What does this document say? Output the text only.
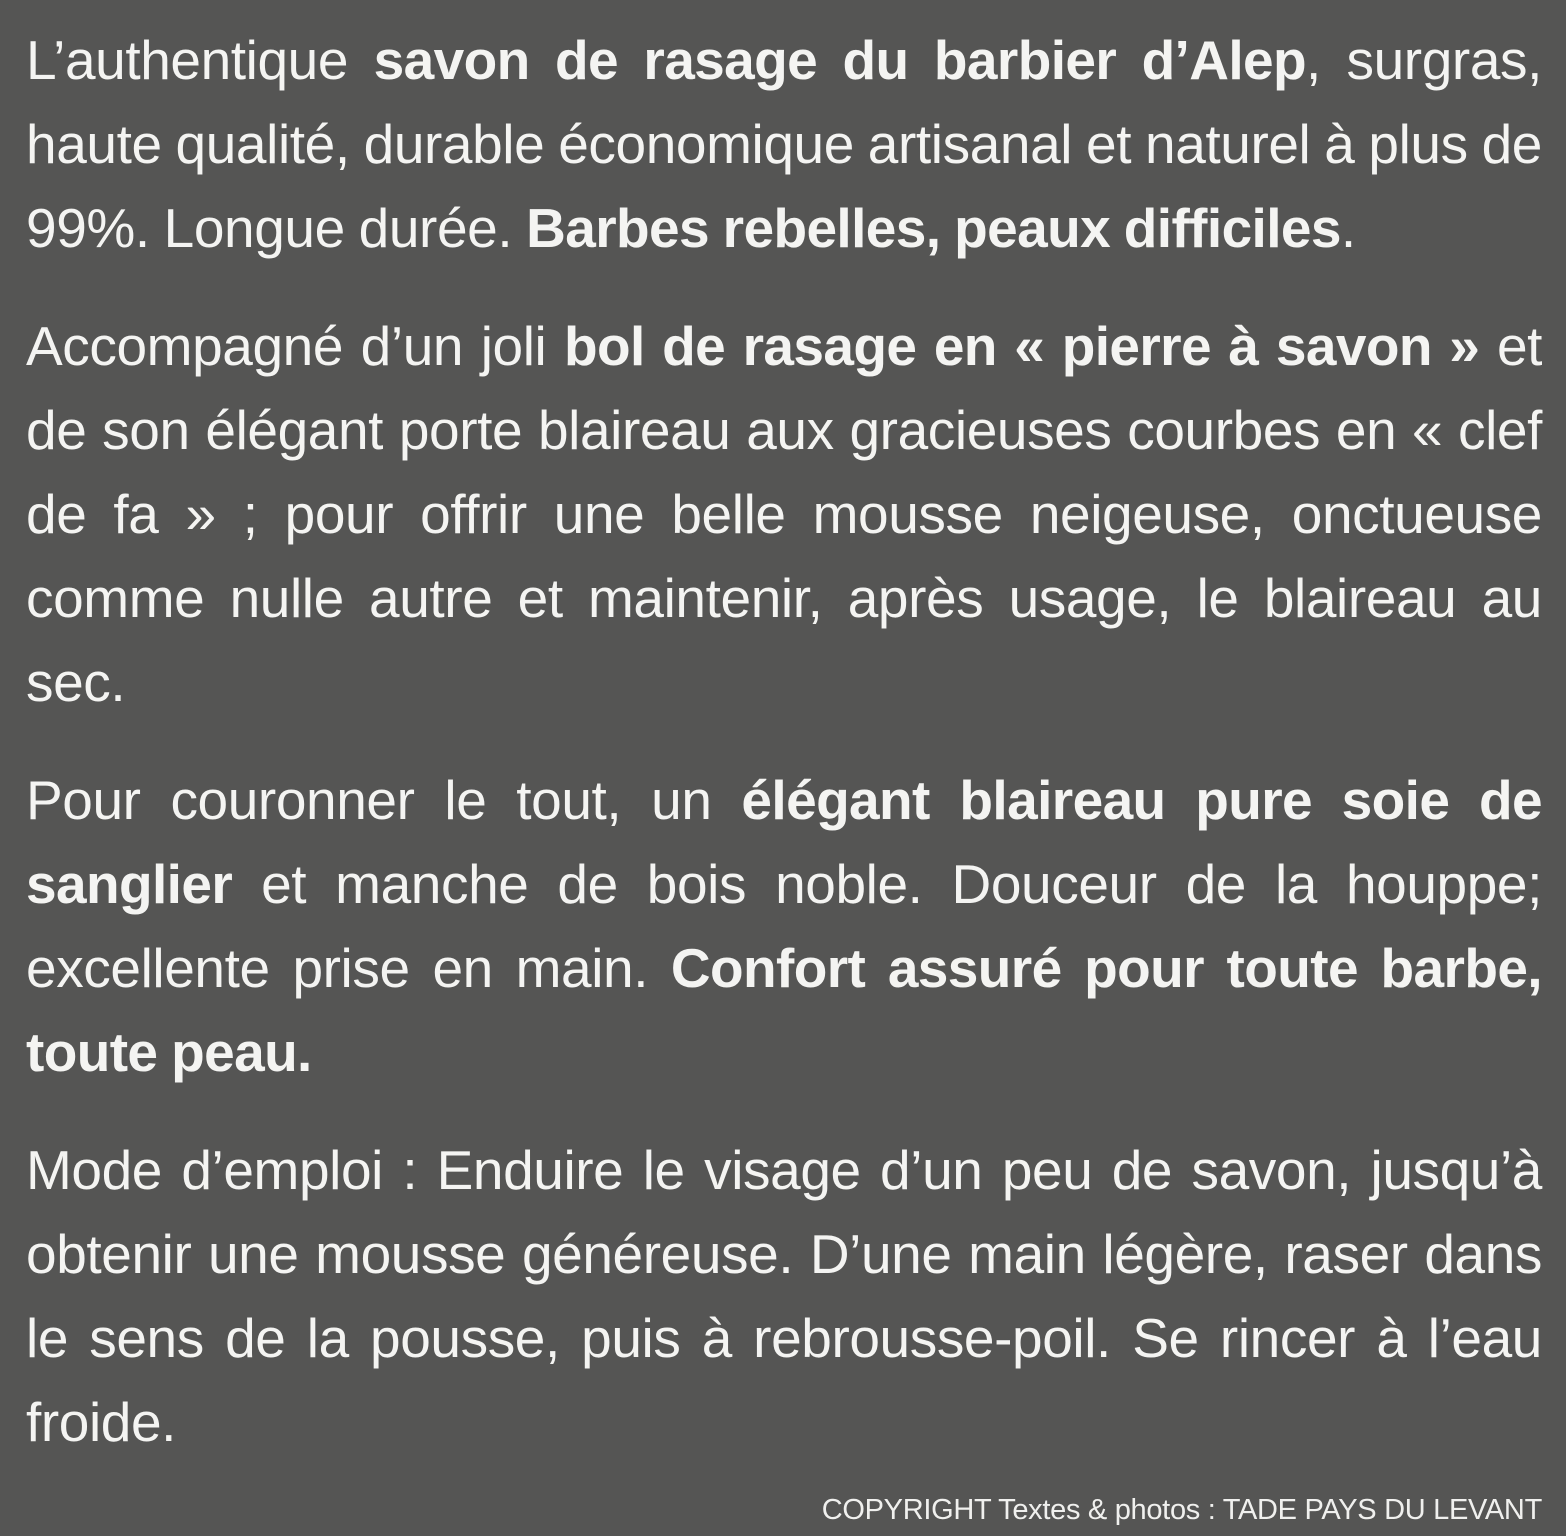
L’authentique savon de rasage du barbier d’Alep, surgras, haute qualité, durable économique artisanal et naturel à plus de 99%. Longue durée. Barbes rebelles, peaux difficiles.

Accompagné d’un joli bol de rasage en « pierre à savon » et de son élégant porte blaireau aux gracieuses courbes en « clef de fa » ; pour offrir une belle mousse neigeuse, onctueuse comme nulle autre et maintenir, après usage, le blaireau au sec.

Pour couronner le tout, un élégant blaireau pure soie de sanglier et manche de bois noble. Douceur de la houppe; excellente prise en main. Confort assuré pour toute barbe, toute peau.

Mode d’emploi : Enduire le visage d’un peu de savon, jusqu’à obtenir une mousse généreuse. D’une main légère, raser dans le sens de la pousse, puis à rebrousse-poil. Se rincer à l’eau froide.

COPYRIGHT Textes & photos : TADE PAYS DU LEVANT
